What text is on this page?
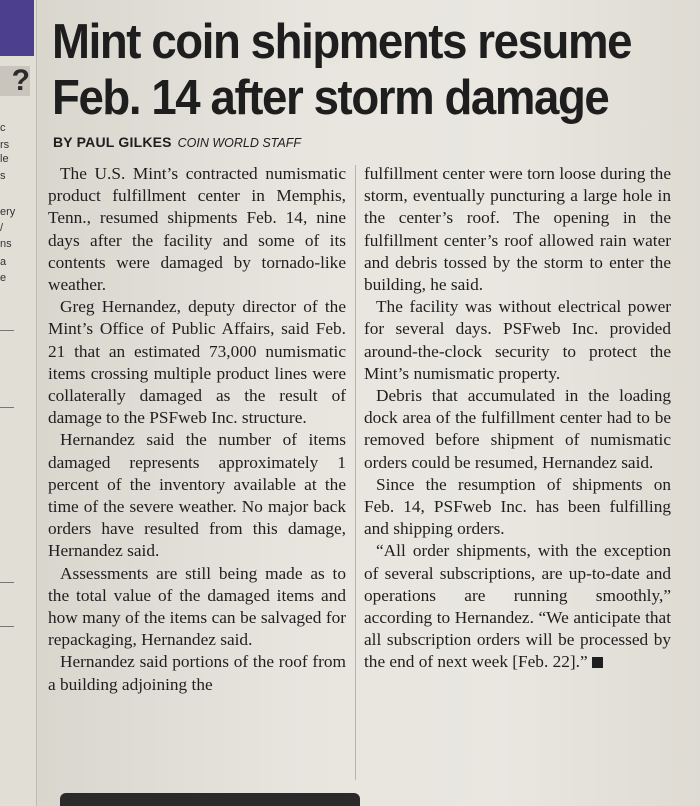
?
c
rs
le
s
ery
/
ns
a
e
Mint coin shipments resume
Feb. 14 after storm damage
BY PAUL GILKES COIN WORLD STAFF

The U.S. Mint’s contracted numismatic product fulfillment center in Memphis, Tenn., resumed shipments Feb. 14, nine days after the facility and some of its contents were damaged by tornado-like weather.

Greg Hernandez, deputy director of the Mint’s Office of Public Affairs, said Feb. 21 that an estimated 73,000 numismatic items crossing multiple product lines were collaterally damaged as the result of damage to the PSFweb Inc. structure.

Hernandez said the number of items damaged represents approximately 1 percent of the inventory available at the time of the severe weather. No major back orders have resulted from this damage, Hernandez said.

Assessments are still being made as to the total value of the damaged items and how many of the items can be salvaged for repackaging, Hernandez said.

Hernandez said portions of the roof from a building adjoining the

fulfillment center were torn loose during the storm, eventually puncturing a large hole in the center’s roof. The opening in the fulfillment center’s roof allowed rain water and debris tossed by the storm to enter the building, he said.

The facility was without electrical power for several days. PSFweb Inc. provided around-the-clock security to protect the Mint’s numismatic property.

Debris that accumulated in the loading dock area of the fulfillment center had to be removed before shipment of numismatic orders could be resumed, Hernandez said.

Since the resumption of shipments on Feb. 14, PSFweb Inc. has been fulfilling and shipping orders.

“All order shipments, with the exception of several subscriptions, are up-to-date and operations are running smoothly,” according to Hernandez. “We anticipate that all subscription orders will be processed by the end of next week [Feb. 22].”
